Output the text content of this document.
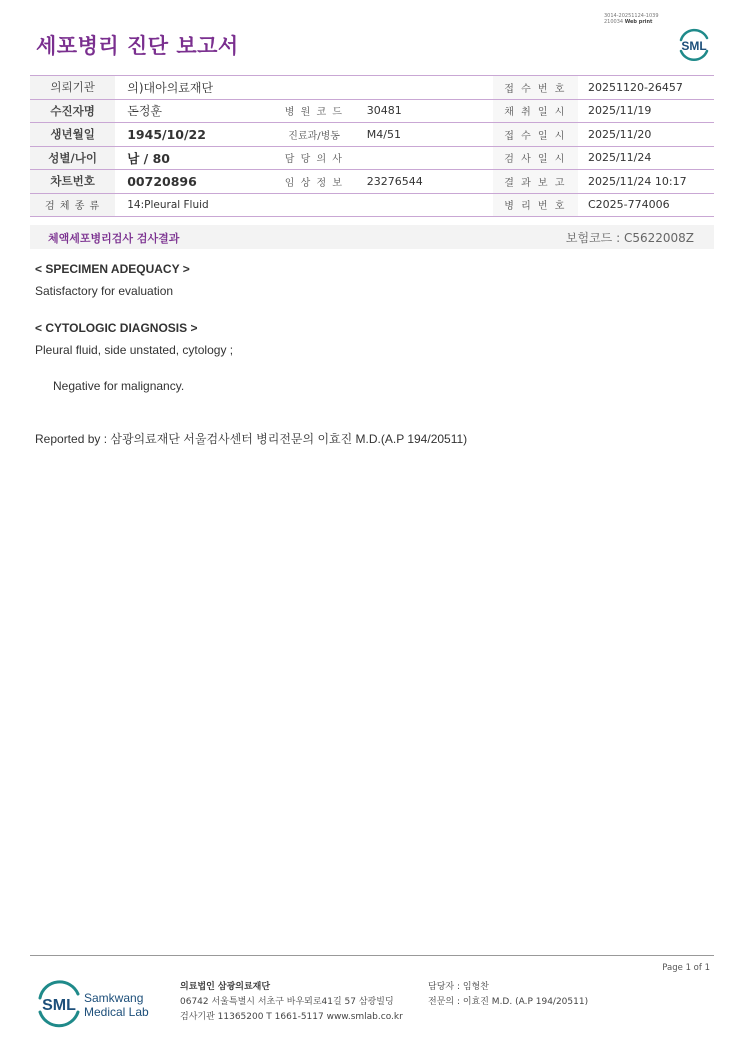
3014-20251124-1039
210034 Web print
세포병리 진단 보고서	SML
의뢰기관	의)대아의료재단			접 수 번 호	20251120-26457
수진자명	돈정훈	병 원 코 드	30481	채 취 일 시	2025/11/19
생년월일	1945/10/22	진료과/병동	M4/51	접 수 일 시	2025/11/20
성별/나이	남 / 80	담 당 의 사		검 사 일 시	2025/11/24
차트번호	00720896	임 상 정 보	23276544	결 과 보 고	2025/11/24 10:17
검 체 종 류	14:Pleural Fluid			병 리 번 호	C2025-774006
체액세포병리검사 검사결과	보험코드 : C5622008Z
< SPECIMEN ADEQUACY >
Satisfactory for evaluation
< CYTOLOGIC DIAGNOSIS >
Pleural fluid, side unstated, cytology ;
Negative for malignancy.
Reported by : 삼광의료재단 서울검사센터 병리전문의 이효진 M.D.(A.P 194/20511)
Page 1 of 1
SML Samkwang
Medical Lab
의료법인 삼광의료재단
06742 서울특별시 서초구 바우뫼로41길 57 삼광빌딩
검사기관 11365200 T 1661-5117 www.smlab.co.kr
담당자 : 임형찬
전문의 : 이효진 M.D. (A.P 194/20511)
